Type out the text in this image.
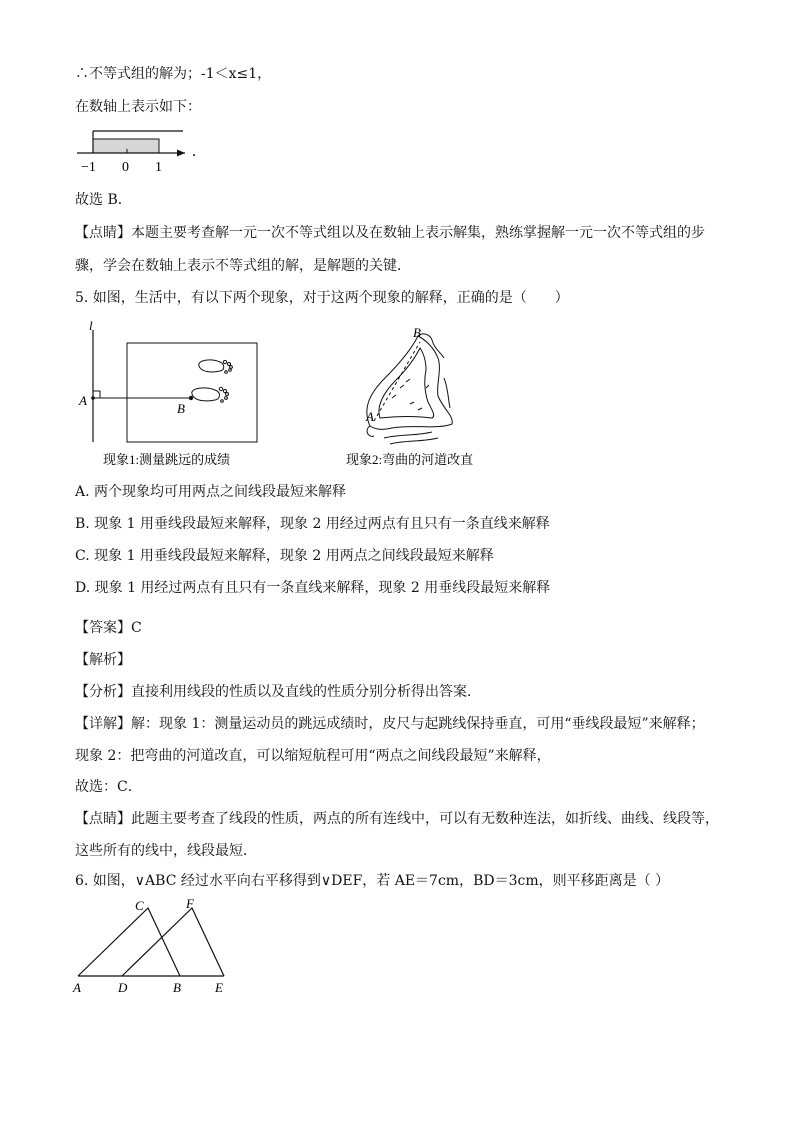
∴不等式组的解为；-1＜x≤1，
在数轴上表示如下：
−1 0 1
.
故选 B．
【点睛】本题主要考查解一元一次不等式组以及在数轴上表示解集，熟练掌握解一元一次不等式组的步
骤，学会在数轴上表示不等式组的解，是解题的关键．
5. 如图，生活中，有以下两个现象，对于这两个现象的解释，正确的是（　　）
l
A
B
现象1:测量跳远的成绩
B
A
现象2:弯曲的河道改直
A. 两个现象均可用两点之间线段最短来解释
B. 现象 1 用垂线段最短来解释，现象 2 用经过两点有且只有一条直线来解释
C. 现象 1 用垂线段最短来解释，现象 2 用两点之间线段最短来解释
D. 现象 1 用经过两点有且只有一条直线来解释，现象 2 用垂线段最短来解释
【答案】C
【解析】
【分析】直接利用线段的性质以及直线的性质分别分析得出答案．
【详解】解：现象 1：测量运动员的跳远成绩时，皮尺与起跳线保持垂直，可用“垂线段最短”来解释；
现象 2：把弯曲的河道改直，可以缩短航程可用“两点之间线段最短”来解释，
故选：C．
【点睛】此题主要考查了线段的性质，两点的所有连线中，可以有无数种连法，如折线、曲线、线段等，
这些所有的线中，线段最短．
6. 如图，∨ABC 经过水平向右平移得到∨DEF，若 AE＝7cm，BD＝3cm，则平移距离是（ ）
A	D	B	E
C	F
